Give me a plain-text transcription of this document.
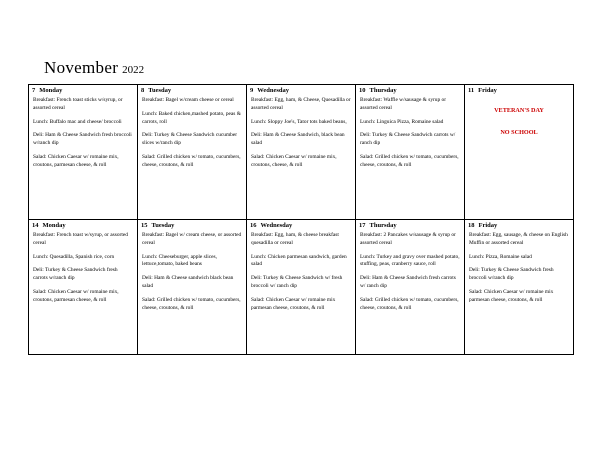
November 2022
7 Monday
Breakfast: French toast sticks w/syrup, or assorted cereal
Lunch: Buffalo mac and cheese/ broccoli
Deli: Ham & Cheese Sandwich fresh broccoli w/ranch dip
Salad: Chicken Caesar w/ romaine mix, croutons, parmesan cheese, & roll

8 Tuesday
Breakfast: Bagel w/cream cheese or cereal
Lunch: Baked chicken,mashed potato, peas & carrots, roll
Deli: Turkey & Cheese Sandwich cucumber slices w/ranch dip
Salad: Grilled chicken w/ tomato, cucumbers, cheese, croutons, & roll

9 Wednesday
Breakfast: Egg, ham, & Cheese, Quesadilla or assorted cereal
Lunch: Sloppy Joe's, Tator tots baked beans,
Deli: Ham & Cheese Sandwich, black bean salad
Salad: Chicken Caesar w/ romaine mix, croutons, cheese, & roll

10 Thursday
Breakfast: Waffle w/sausage & syrup or assorted cereal
Lunch: Linguica Pizza, Romaine salad
Deli: Turkey & Cheese Sandwich carrots w/ ranch dip
Salad: Grilled chicken w/ tomato, cucumbers, cheese, croutons, & roll

11 Friday
VETERAN'S DAY
NO SCHOOL

14 Monday
Breakfast: French toast w/syrup, or assorted cereal
Lunch: Quesadilla, Spanish rice, corn
Deli: Turkey & Cheese Sandwich fresh carrots w/ranch dip
Salad: Chicken Caesar w/ romaine mix, croutons, parmesan cheese, & roll

15 Tuesday
Breakfast: Bagel w/ cream cheese, or assorted cereal
Lunch: Cheeseburger, apple slices, lettuce,tomato, baked beans
Deli: Ham & Cheese sandwich black bean salad
Salad: Grilled chicken w/ tomato, cucumbers, cheese, croutons, & roll

16 Wednesday
Breakfast: Egg, ham, & cheese breakfast quesadilla or cereal
Lunch: Chicken parmesan sandwich, garden salad
Deli: Turkey & Cheese Sandwich w/ fresh broccoli w/ ranch dip
Salad: Chicken Caesar w/ romaine mix parmesan cheese, croutons, & roll

17 Thursday
Breakfast: 2 Pancakes w/sausage & syrup or assorted cereal
Lunch: Turkey and gravy over mashed potato, stuffing, peas, cranberry sauce, roll
Deli: Ham & Cheese Sandwich fresh carrots w/ ranch dip
Salad: Grilled chicken w/ tomato, cucumbers, cheese, croutons, & roll

18 Friday
Breakfast: Egg, sausage, & cheese on English Muffin or assorted cereal
Lunch: Pizza, Romaine salad
Deli: Turkey & Cheese Sandwich fresh broccoli w/ranch dip
Salad: Chicken Caesar w/ romaine mix parmesan cheese, croutons, & roll
